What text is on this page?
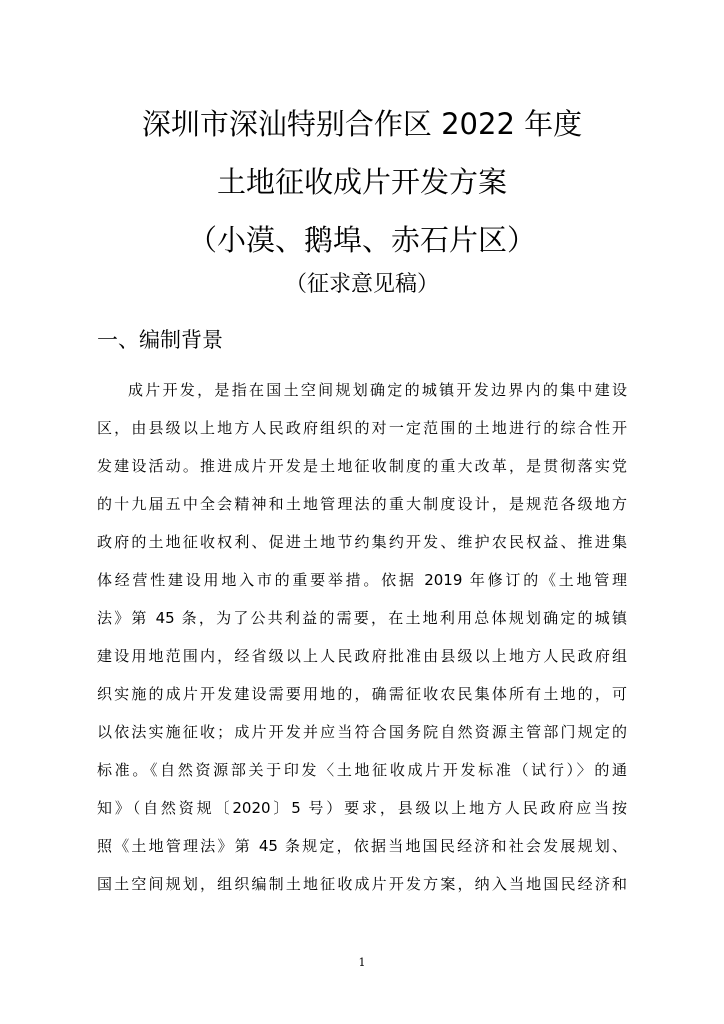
深圳市深汕特别合作区 2022 年度
土地征收成片开发方案
（小漠、鹅埠、赤石片区）
（征求意见稿）
一、编制背景
成片开发，是指在国土空间规划确定的城镇开发边界内的集中建设
区，由县级以上地方人民政府组织的对一定范围的土地进行的综合性开
发建设活动。推进成片开发是土地征收制度的重大改革，是贯彻落实党
的十九届五中全会精神和土地管理法的重大制度设计，是规范各级地方
政府的土地征收权利、促进土地节约集约开发、维护农民权益、推进集
体经营性建设用地入市的重要举措。依据 2019 年修订的《土地管理
法》第 45 条，为了公共利益的需要，在土地利用总体规划确定的城镇
建设用地范围内，经省级以上人民政府批准由县级以上地方人民政府组
织实施的成片开发建设需要用地的，确需征收农民集体所有土地的，可
以依法实施征收；成片开发并应当符合国务院自然资源主管部门规定的
标准。《自然资源部关于印发〈土地征收成片开发标准（试行）〉的通
知》（自然资规〔2020〕5 号）要求，县级以上地方人民政府应当按
照《土地管理法》第 45 条规定，依据当地国民经济和社会发展规划、
国土空间规划，组织编制土地征收成片开发方案，纳入当地国民经济和
1
